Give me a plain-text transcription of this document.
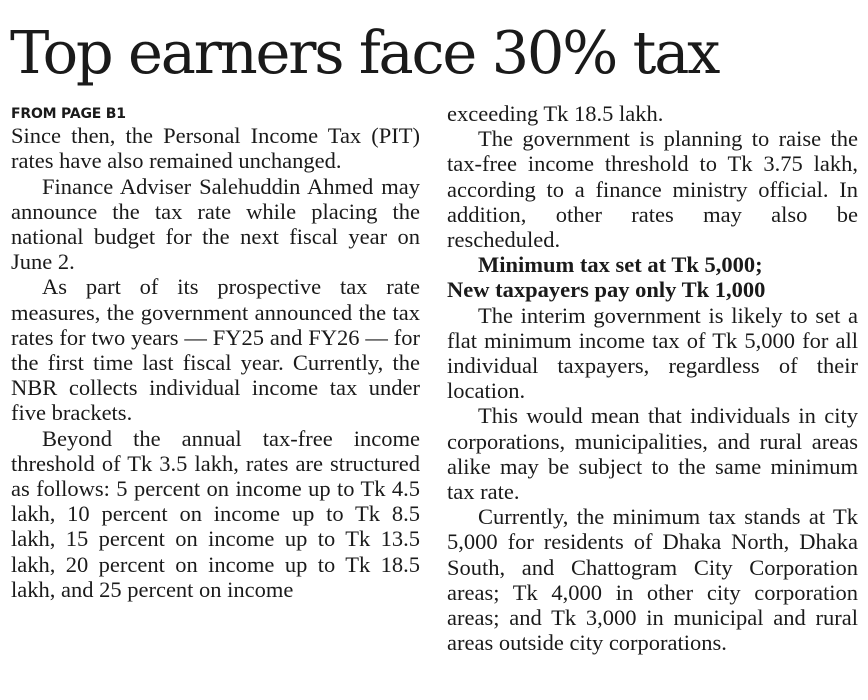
Top earners face 30% tax
FROM PAGE B1

Since then, the Personal Income Tax (PIT) rates have also remained unchanged.

Finance Adviser Salehuddin Ahmed may announce the tax rate while placing the national budget for the next fiscal year on June 2.

As part of its prospective tax rate measures, the government announced the tax rates for two years — FY25 and FY26 — for the first time last fiscal year. Currently, the NBR collects individual income tax under five brackets.

Beyond the annual tax-free income threshold of Tk 3.5 lakh, rates are structured as follows: 5 percent on income up to Tk 4.5 lakh, 10 percent on income up to Tk 8.5 lakh, 15 percent on income up to Tk 13.5 lakh, 20 percent on income up to Tk 18.5 lakh, and 25 percent on income

exceeding Tk 18.5 lakh.

The government is planning to raise the tax-free income threshold to Tk 3.75 lakh, according to a finance ministry official. In addition, other rates may also be rescheduled.

Minimum tax set at Tk 5,000;
New taxpayers pay only Tk 1,000

The interim government is likely to set a flat minimum income tax of Tk 5,000 for all individual taxpayers, regardless of their location.

This would mean that individuals in city corporations, municipalities, and rural areas alike may be subject to the same minimum tax rate.

Currently, the minimum tax stands at Tk 5,000 for residents of Dhaka North, Dhaka South, and Chattogram City Corporation areas; Tk 4,000 in other city corporation areas; and Tk 3,000 in municipal and rural areas outside city corporations.
